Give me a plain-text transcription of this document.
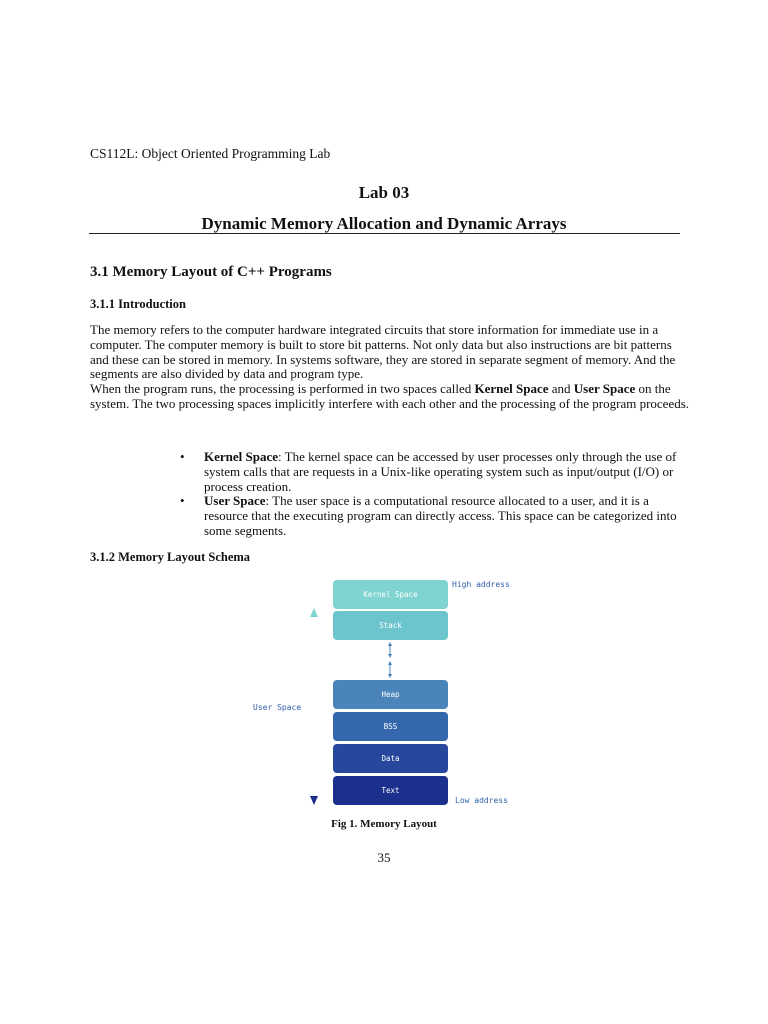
CS112L: Object Oriented Programming Lab
Lab 03
Dynamic Memory Allocation and Dynamic Arrays
3.1 Memory Layout of C++ Programs
3.1.1 Introduction

The memory refers to the computer hardware integrated circuits that store information for immediate use in a computer. The computer memory is built to store bit patterns. Not only data but also instructions are bit patterns and these can be stored in memory. In systems software, they are stored in separate segment of memory. And the segments are also divided by data and program type.

When the program runs, the processing is performed in two spaces called Kernel Space and User Space on the system. The two processing spaces implicitly interfere with each other and the processing of the program proceeds.

• Kernel Space: The kernel space can be accessed by user processes only through the use of system calls that are requests in a Unix-like operating system such as input/output (I/O) or process creation.
• User Space: The user space is a computational resource allocated to a user, and it is a resource that the executing program can directly access. This space can be categorized into some segments.
3.1.2 Memory Layout Schema
Kernel Space
Stack
Heap
BSS
Data
Text
High address
Low address
User Space
Fig 1. Memory Layout
35
